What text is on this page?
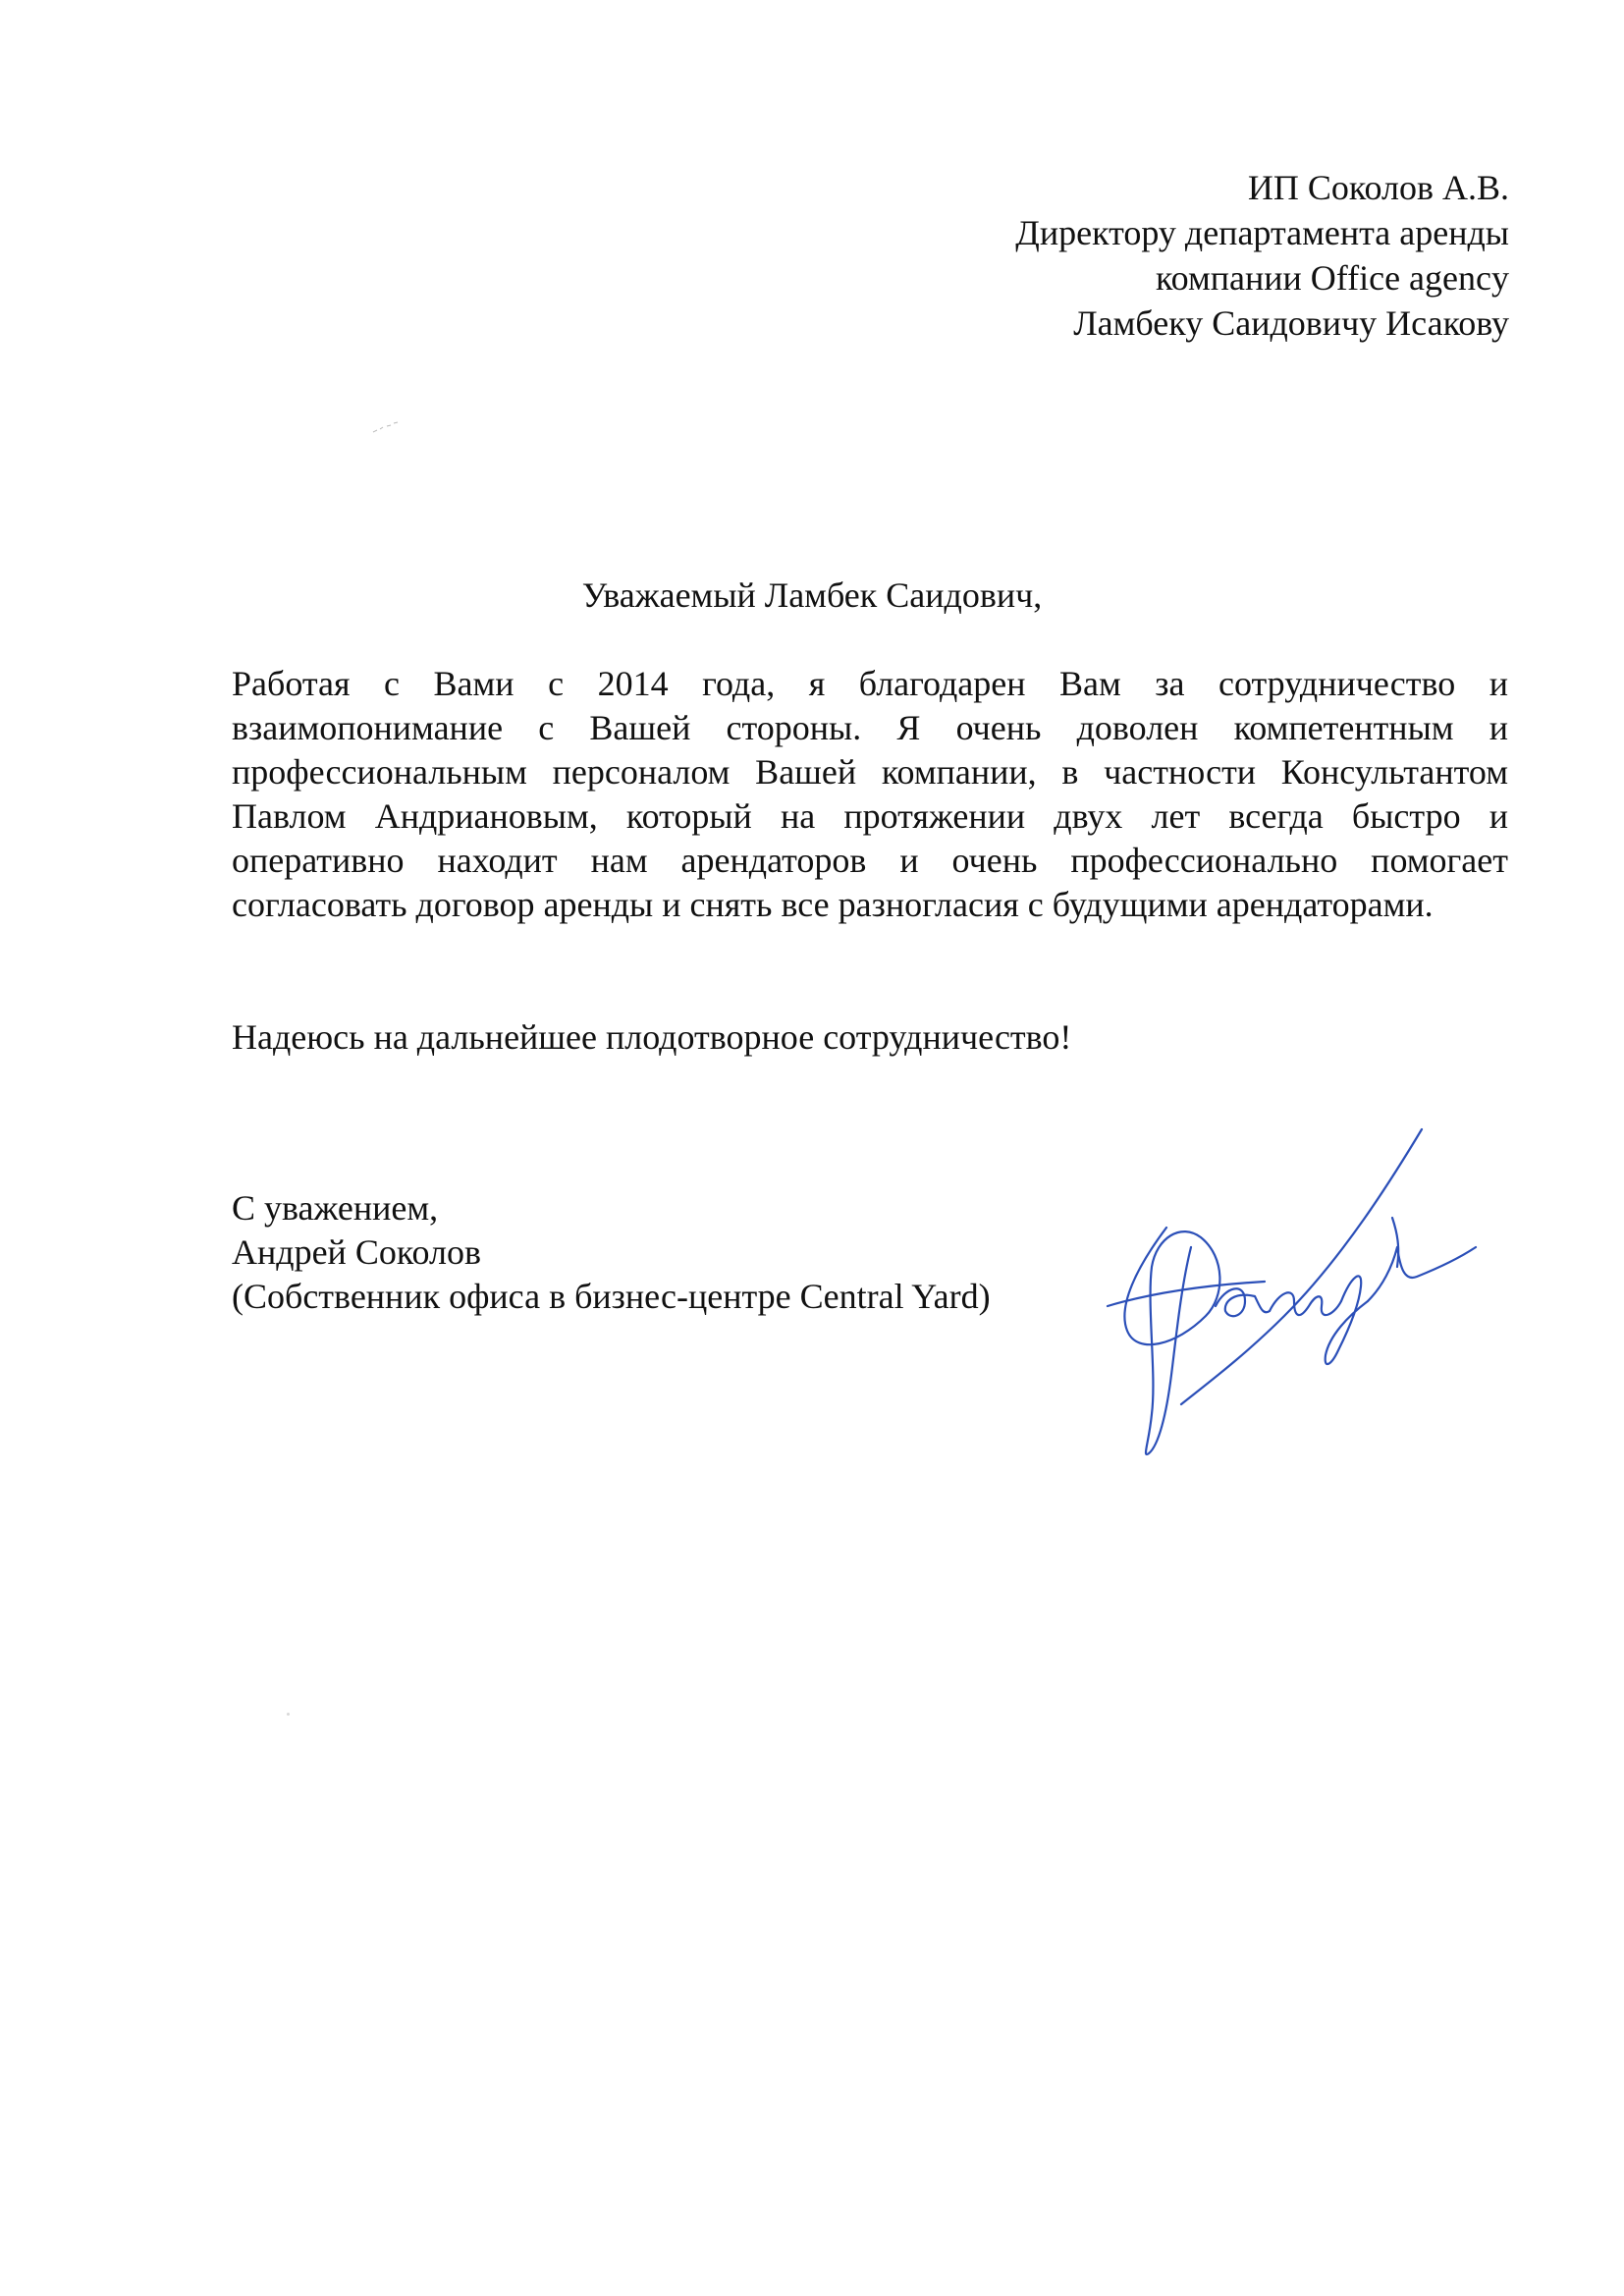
ИП Соколов А.В.
Директору департамента аренды
компании Office agency
Ламбеку Саидовичу Исакову
Уважаемый Ламбек Саидович,
Работая с Вами с 2014 года, я благодарен Вам за сотрудничество и взаимопонимание с Вашей стороны. Я очень доволен компетентным и профессиональным персоналом Вашей компании, в частности Консультантом Павлом Андриановым, который на протяжении двух лет всегда быстро и оперативно находит нам арендаторов и очень профессионально помогает согласовать договор аренды и снять все разногласия с будущими арендаторами.
Надеюсь на дальнейшее плодотворное сотрудничество!
С уважением,
Андрей Соколов
(Собственник офиса в бизнес-центре Central Yard)
